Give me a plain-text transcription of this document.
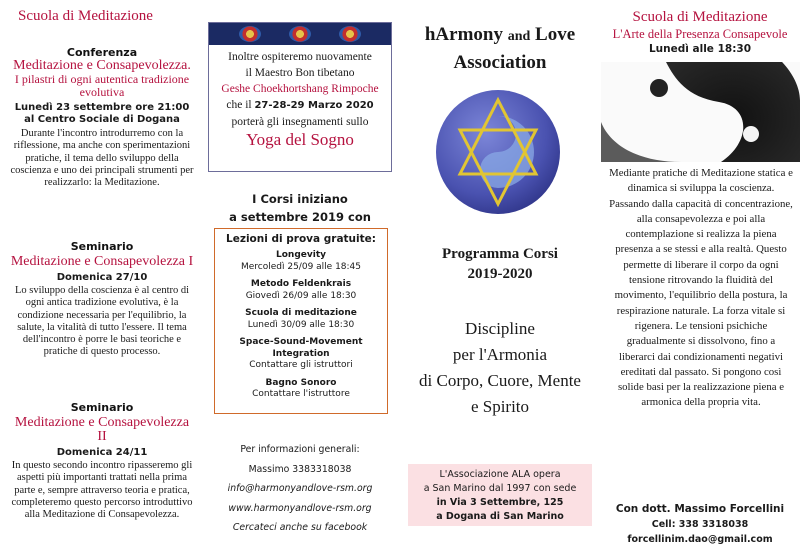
Scuola di Meditazione
Conferenza
Meditazione e Consapevolezza.
I pilastri di ogni autentica tradizione
evolutiva
Lunedì 23 settembre ore 21:00
al Centro Sociale di Dogana
Durante l'incontro introdurremo con la riflessione, ma anche con sperimentazioni pratiche, il tema dello sviluppo della coscienza e uno dei principali strumenti per realizzarlo: la Meditazione.
Seminario
Meditazione e Consapevolezza I
Domenica 27/10
Lo sviluppo della coscienza è al centro di ogni antica tradizione evolutiva, è la condizione necessaria per l'equilibrio, la salute, la vitalità di tutto l'essere. Il tema dell'incontro è porre le basi teoriche e pratiche di questo processo.
Seminario
Meditazione e Consapevolezza II
Domenica 24/11
In questo secondo incontro ripasseremo gli aspetti più importanti trattati nella prima parte e, sempre attraverso teoria e pratica, completeremo questo percorso introduttivo alla Meditazione di Consapevolezza.
Inoltre ospiteremo nuovamente
il Maestro Bon tibetano
Geshe Choekhortshang Rimpoche
che il 27-28-29 Marzo 2020
porterà gli insegnamenti sullo
Yoga del Sogno
I Corsi iniziano
a settembre 2019 con
Lezioni di prova gratuite:
Longevity
Mercoledì 25/09 alle 18:45
Metodo Feldenkrais
Giovedì 26/09 alle 18:30
Scuola di meditazione
Lunedì 30/09 alle 18:30
Space-Sound-Movement Integration
Contattare gli istruttori
Bagno Sonoro
Contattare l'istruttore
Per informazioni generali:
Massimo 3383318038
info@harmonyandlove-rsm.org
www.harmonyandlove-rsm.org
Cercateci anche su facebook
hArmony and Love
Association
Programma Corsi
2019-2020
Discipline
per l'Armonia
di Corpo, Cuore, Mente
e Spirito
L'Associazione ALA opera
a San Marino dal 1997 con sede
in Via 3 Settembre, 125
a Dogana di San Marino
Scuola di Meditazione
L'Arte della Presenza Consapevole
Lunedì alle 18:30
Mediante pratiche di Meditazione statica e dinamica si sviluppa la coscienza. Passando dalla capacità di concentrazione, alla consapevolezza e poi alla contemplazione si realizza la piena presenza a se stessi e alla realtà. Questo permette di liberare il corpo da ogni tensione ritrovando la fluidità del movimento, l'equilibrio della postura, la respirazione naturale. La forza vitale si rigenera. Le tensioni psichiche gradualmente si dissolvono, fino a liberarci dai condizionamenti negativi ereditati dal passato. Si pongono così solide basi per la realizzazione piena e armonica della propria vita.
Con dott. Massimo Forcellini
Cell: 338 3318038
forcellinim.dao@gmail.com
